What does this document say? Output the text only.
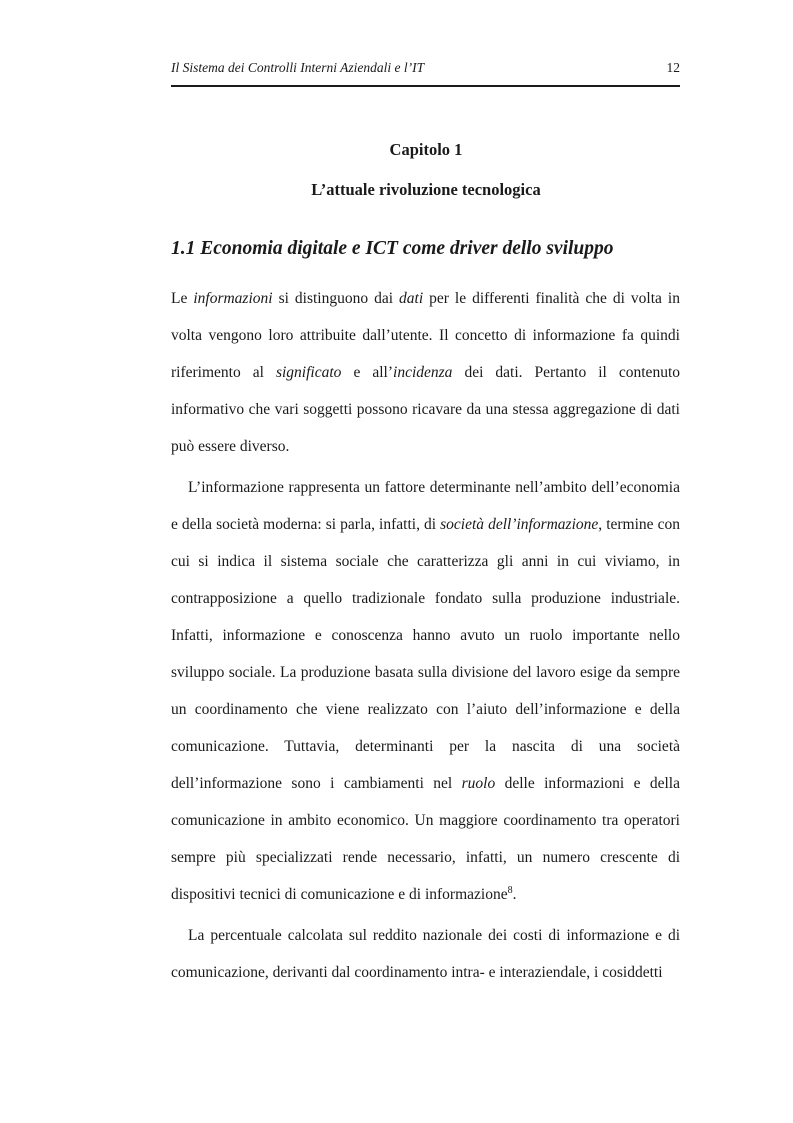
Il Sistema dei Controlli Interni Aziendali e l’IT	12
Capitolo 1
L’attuale rivoluzione tecnologica
1.1 Economia digitale e ICT come driver dello sviluppo

Le informazioni si distinguono dai dati per le differenti finalità che di volta in volta vengono loro attribuite dall’utente. Il concetto di informazione fa quindi riferimento al significato e all’incidenza dei dati. Pertanto il contenuto informativo che vari soggetti possono ricavare da una stessa aggregazione di dati può essere diverso.

L’informazione rappresenta un fattore determinante nell’ambito dell’economia e della società moderna: si parla, infatti, di società dell’informazione, termine con cui si indica il sistema sociale che caratterizza gli anni in cui viviamo, in contrapposizione a quello tradizionale fondato sulla produzione industriale. Infatti, informazione e conoscenza hanno avuto un ruolo importante nello sviluppo sociale. La produzione basata sulla divisione del lavoro esige da sempre un coordinamento che viene realizzato con l’aiuto dell’informazione e della comunicazione. Tuttavia, determinanti per la nascita di una società dell’informazione sono i cambiamenti nel ruolo delle informazioni e della comunicazione in ambito economico. Un maggiore coordinamento tra operatori sempre più specializzati rende necessario, infatti, un numero crescente di dispositivi tecnici di comunicazione e di informazione$^8$.

La percentuale calcolata sul reddito nazionale dei costi di informazione e di comunicazione, derivanti dal coordinamento intra- e interaziendale, i cosiddetti
